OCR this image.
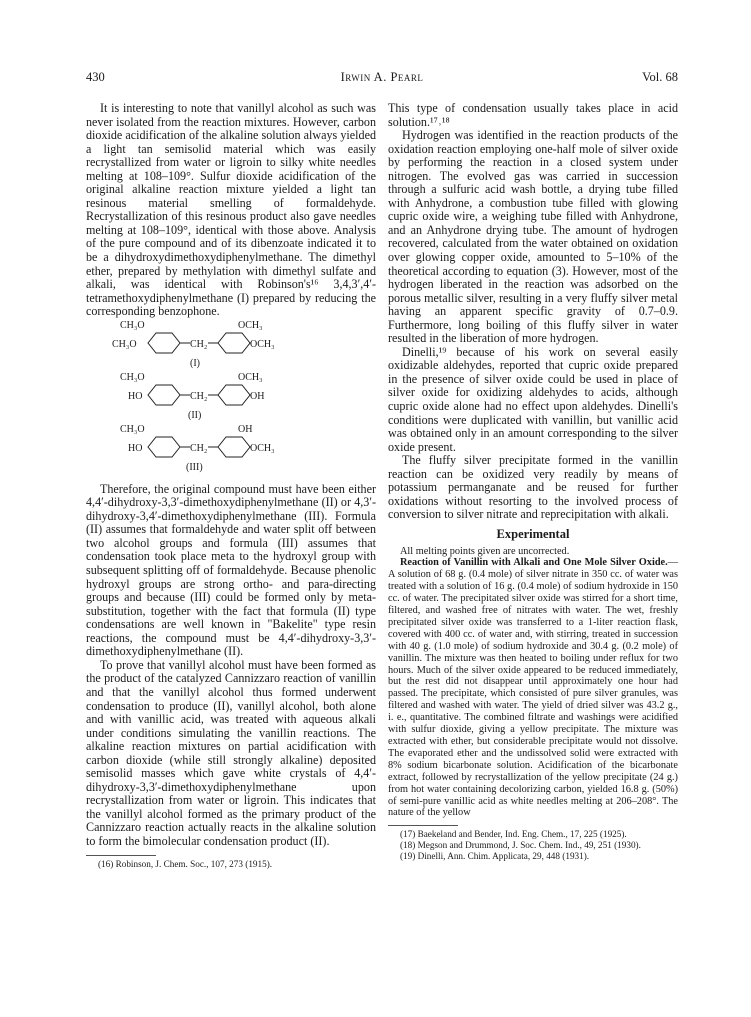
430	Irwin A. Pearl	Vol. 68

It is interesting to note that vanillyl alcohol as such was never isolated from the reaction mixtures. However, carbon dioxide acidification of the alkaline solution always yielded a light tan semisolid material which was easily recrystallized from water or ligroin to silky white needles melting at 108–109°. Sulfur dioxide acidification of the original alkaline reaction mixture yielded a light tan resinous material smelling of formaldehyde. Recrystallization of this resinous product also gave needles melting at 108–109°, identical with those above. Analysis of the pure compound and of its dibenzoate indicated it to be a dihydroxydimethoxydiphenylmethane. The dimethyl ether, prepared by methylation with dimethyl sulfate and alkali, was identical with Robinson's¹⁶ 3,4,3′,4′-tetramethoxydiphenylmethane (I) prepared by reducing the corresponding benzophone.

CH₃O	OCH₃
CH₃O	CH₂	OCH₃
(I)
CH₃O	OCH₃
HO	CH₂	OH
(II)
CH₃O	OH
HO	CH₂	OCH₃
(III)

Therefore, the original compound must have been either 4,4′-dihydroxy-3,3′-dimethoxydiphenylmethane (II) or 4,3′-dihydroxy-3,4′-dimethoxydiphenylmethane (III). Formula (II) assumes that formaldehyde and water split off between two alcohol groups and formula (III) assumes that condensation took place meta to the hydroxyl group with subsequent splitting off of formaldehyde. Because phenolic hydroxyl groups are strong ortho- and para-directing groups and because (III) could be formed only by meta-substitution, together with the fact that formula (II) type condensations are well known in "Bakelite" type resin reactions, the compound must be 4,4′-dihydroxy-3,3′-dimethoxydiphenylmethane (II).

To prove that vanillyl alcohol must have been formed as the product of the catalyzed Cannizzaro reaction of vanillin and that the vanillyl alcohol thus formed underwent condensation to produce (II), vanillyl alcohol, both alone and with vanillic acid, was treated with aqueous alkali under conditions simulating the vanillin reactions. The alkaline reaction mixtures on partial acidification with carbon dioxide (while still strongly alkaline) deposited semisolid masses which gave white crystals of 4,4′-dihydroxy-3,3′-dimethoxydiphenylmethane upon recrystallization from water or ligroin. This indicates that the vanillyl alcohol formed as the primary product of the Cannizzaro reaction actually reacts in the alkaline solution to form the bimolecular condensation product (II).

(16) Robinson, J. Chem. Soc., 107, 273 (1915).

This type of condensation usually takes place in acid solution.¹⁷˒¹⁸

Hydrogen was identified in the reaction products of the oxidation reaction employing one-half mole of silver oxide by performing the reaction in a closed system under nitrogen. The evolved gas was carried in succession through a sulfuric acid wash bottle, a drying tube filled with Anhydrone, a combustion tube filled with glowing cupric oxide wire, a weighing tube filled with Anhydrone, and an Anhydrone drying tube. The amount of hydrogen recovered, calculated from the water obtained on oxidation over glowing copper oxide, amounted to 5–10% of the theoretical according to equation (3). However, most of the hydrogen liberated in the reaction was adsorbed on the porous metallic silver, resulting in a very fluffy silver metal having an apparent specific gravity of 0.7–0.9. Furthermore, long boiling of this fluffy silver in water resulted in the liberation of more hydrogen.

Dinelli,¹⁹ because of his work on several easily oxidizable aldehydes, reported that cupric oxide prepared in the presence of silver oxide could be used in place of silver oxide for oxidizing aldehydes to acids, although cupric oxide alone had no effect upon aldehydes. Dinelli's conditions were duplicated with vanillin, but vanillic acid was obtained only in an amount corresponding to the silver oxide present.

The fluffy silver precipitate formed in the vanillin reaction can be oxidized very readily by means of potassium permanganate and be reused for further oxidations without resorting to the involved process of conversion to silver nitrate and reprecipitation with alkali.

Experimental

All melting points given are uncorrected.

Reaction of Vanillin with Alkali and One Mole Silver Oxide.—A solution of 68 g. (0.4 mole) of silver nitrate in 350 cc. of water was treated with a solution of 16 g. (0.4 mole) of sodium hydroxide in 150 cc. of water. The precipitated silver oxide was stirred for a short time, filtered, and washed free of nitrates with water. The wet, freshly precipitated silver oxide was transferred to a 1-liter reaction flask, covered with 400 cc. of water and, with stirring, treated in succession with 40 g. (1.0 mole) of sodium hydroxide and 30.4 g. (0.2 mole) of vanillin. The mixture was then heated to boiling under reflux for two hours. Much of the silver oxide appeared to be reduced immediately, but the rest did not disappear until approximately one hour had passed. The precipitate, which consisted of pure silver granules, was filtered and washed with water. The yield of dried silver was 43.2 g., i. e., quantitative. The combined filtrate and washings were acidified with sulfur dioxide, giving a yellow precipitate. The mixture was extracted with ether, but considerable precipitate would not dissolve. The evaporated ether and the undissolved solid were extracted with 8% sodium bicarbonate solution. Acidification of the bicarbonate extract, followed by recrystallization of the yellow precipitate (24 g.) from hot water containing decolorizing carbon, yielded 16.8 g. (50%) of semi-pure vanillic acid as white needles melting at 206–208°. The nature of the yellow

(17) Baekeland and Bender, Ind. Eng. Chem., 17, 225 (1925).

(18) Megson and Drummond, J. Soc. Chem. Ind., 49, 251 (1930).

(19) Dinelli, Ann. Chim. Applicata, 29, 448 (1931).
